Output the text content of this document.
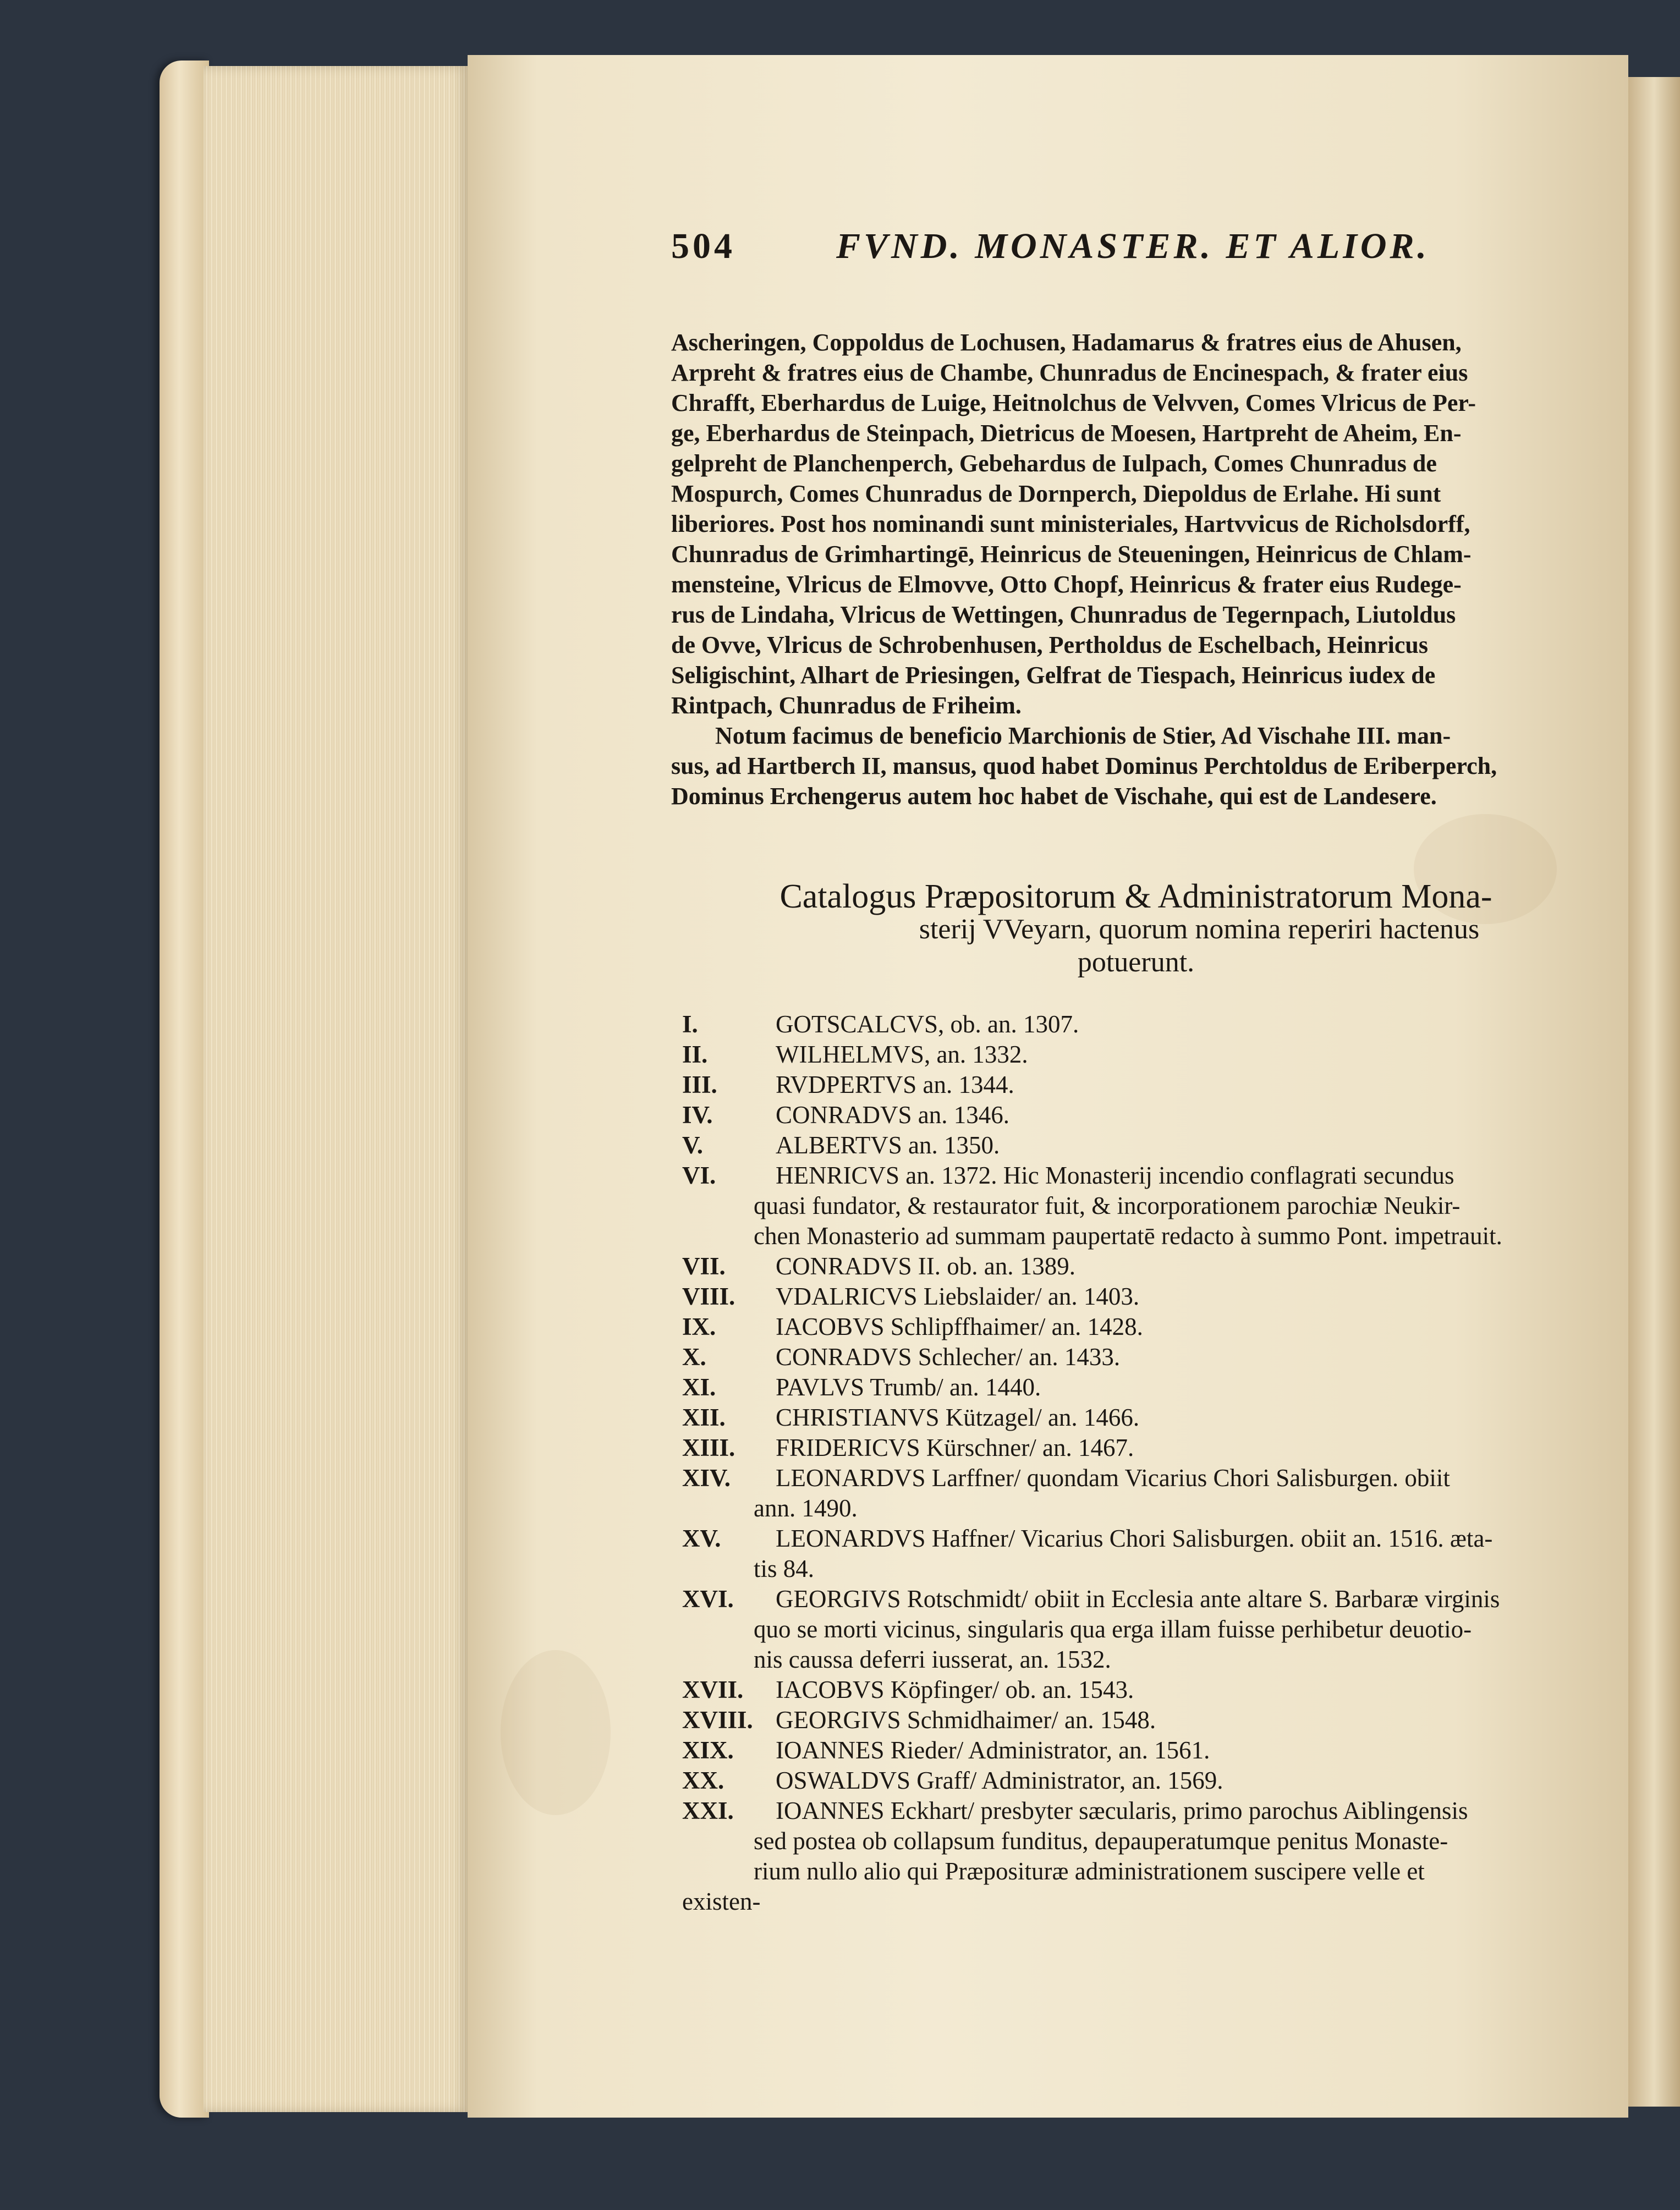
504	FVND. MONASTER. ET ALIOR.
Ascheringen, Coppoldus de Lochusen, Hadamarus & fratres eius de Ahusen,
Arpreht & fratres eius de Chambe, Chunradus de Encinespach, & frater eius
Chrafft, Eberhardus de Luige, Heitnolchus de Velvven, Comes Vlricus de Per-
ge, Eberhardus de Steinpach, Dietricus de Moesen, Hartpreht de Aheim, En-
gelpreht de Planchenperch, Gebehardus de Iulpach, Comes Chunradus de
Mospurch, Comes Chunradus de Dornperch, Diepoldus de Erlahe. Hi sunt
liberiores. Post hos nominandi sunt ministeriales, Hartvvicus de Richolsdorff,
Chunradus de Grimhartingē, Heinricus de Steueningen, Heinricus de Chlam-
mensteine, Vlricus de Elmovve, Otto Chopf, Heinricus & frater eius Rudege-
rus de Lindaha, Vlricus de Wettingen, Chunradus de Tegernpach, Liutoldus
de Ovve, Vlricus de Schrobenhusen, Pertholdus de Eschelbach, Heinricus
Seligischint, Alhart de Priesingen, Gelfrat de Tiespach, Heinricus iudex de
Rintpach, Chunradus de Friheim.
Notum facimus de beneficio Marchionis de Stier, Ad Vischahe III. man-
sus, ad Hartberch II, mansus, quod habet Dominus Perchtoldus de Eriberperch,
Dominus Erchengerus autem hoc habet de Vischahe, qui est de Landesere.
Catalogus Præpositorum & Administratorum Mona-
sterij VVeyarn, quorum nomina reperiri hactenus
potuerunt.
I.	GOTSCALCVS, ob. an. 1307.
II.	WILHELMVS, an. 1332.
III.	RVDPERTVS an. 1344.
IV.	CONRADVS an. 1346.
V.	ALBERTVS an. 1350.
VI.	HENRICVS an. 1372. Hic Monasterij incendio conflagrati secundus
quasi fundator, & restaurator fuit, & incorporationem parochiæ Neukir-
chen Monasterio ad summam paupertatē redacto à summo Pont. impetrauit.
VII.	CONRADVS II. ob. an. 1389.
VIII.	VDALRICVS Liebslaider/ an. 1403.
IX.	IACOBVS Schlipffhaimer/ an. 1428.
X.	CONRADVS Schlecher/ an. 1433.
XI.	PAVLVS Trumb/ an. 1440.
XII.	CHRISTIANVS Kützagel/ an. 1466.
XIII.	FRIDERICVS Kürschner/ an. 1467.
XIV.	LEONARDVS Larffner/ quondam Vicarius Chori Salisburgen. obiit
ann. 1490.
XV.	LEONARDVS Haffner/ Vicarius Chori Salisburgen. obiit an. 1516. æta-
tis 84.
XVI.	GEORGIVS Rotschmidt/ obiit in Ecclesia ante altare S. Barbaræ virginis
quo se morti vicinus, singularis qua erga illam fuisse perhibetur deuotio-
nis caussa deferri iusserat, an. 1532.
XVII.	IACOBVS Köpfinger/ ob. an. 1543.
XVIII. GEORGIVS Schmidhaimer/ an. 1548.
XIX.	IOANNES Rieder/ Administrator, an. 1561.
XX.	OSWALDVS Graff/ Administrator, an. 1569.
XXI.	IOANNES Eckhart/ presbyter sæcularis, primo parochus Aiblingensis
sed postea ob collapsum funditus, depauperatumque penitus Monaste-
rium nullo alio qui Præposituræ administrationem suscipere velle et
existen-
